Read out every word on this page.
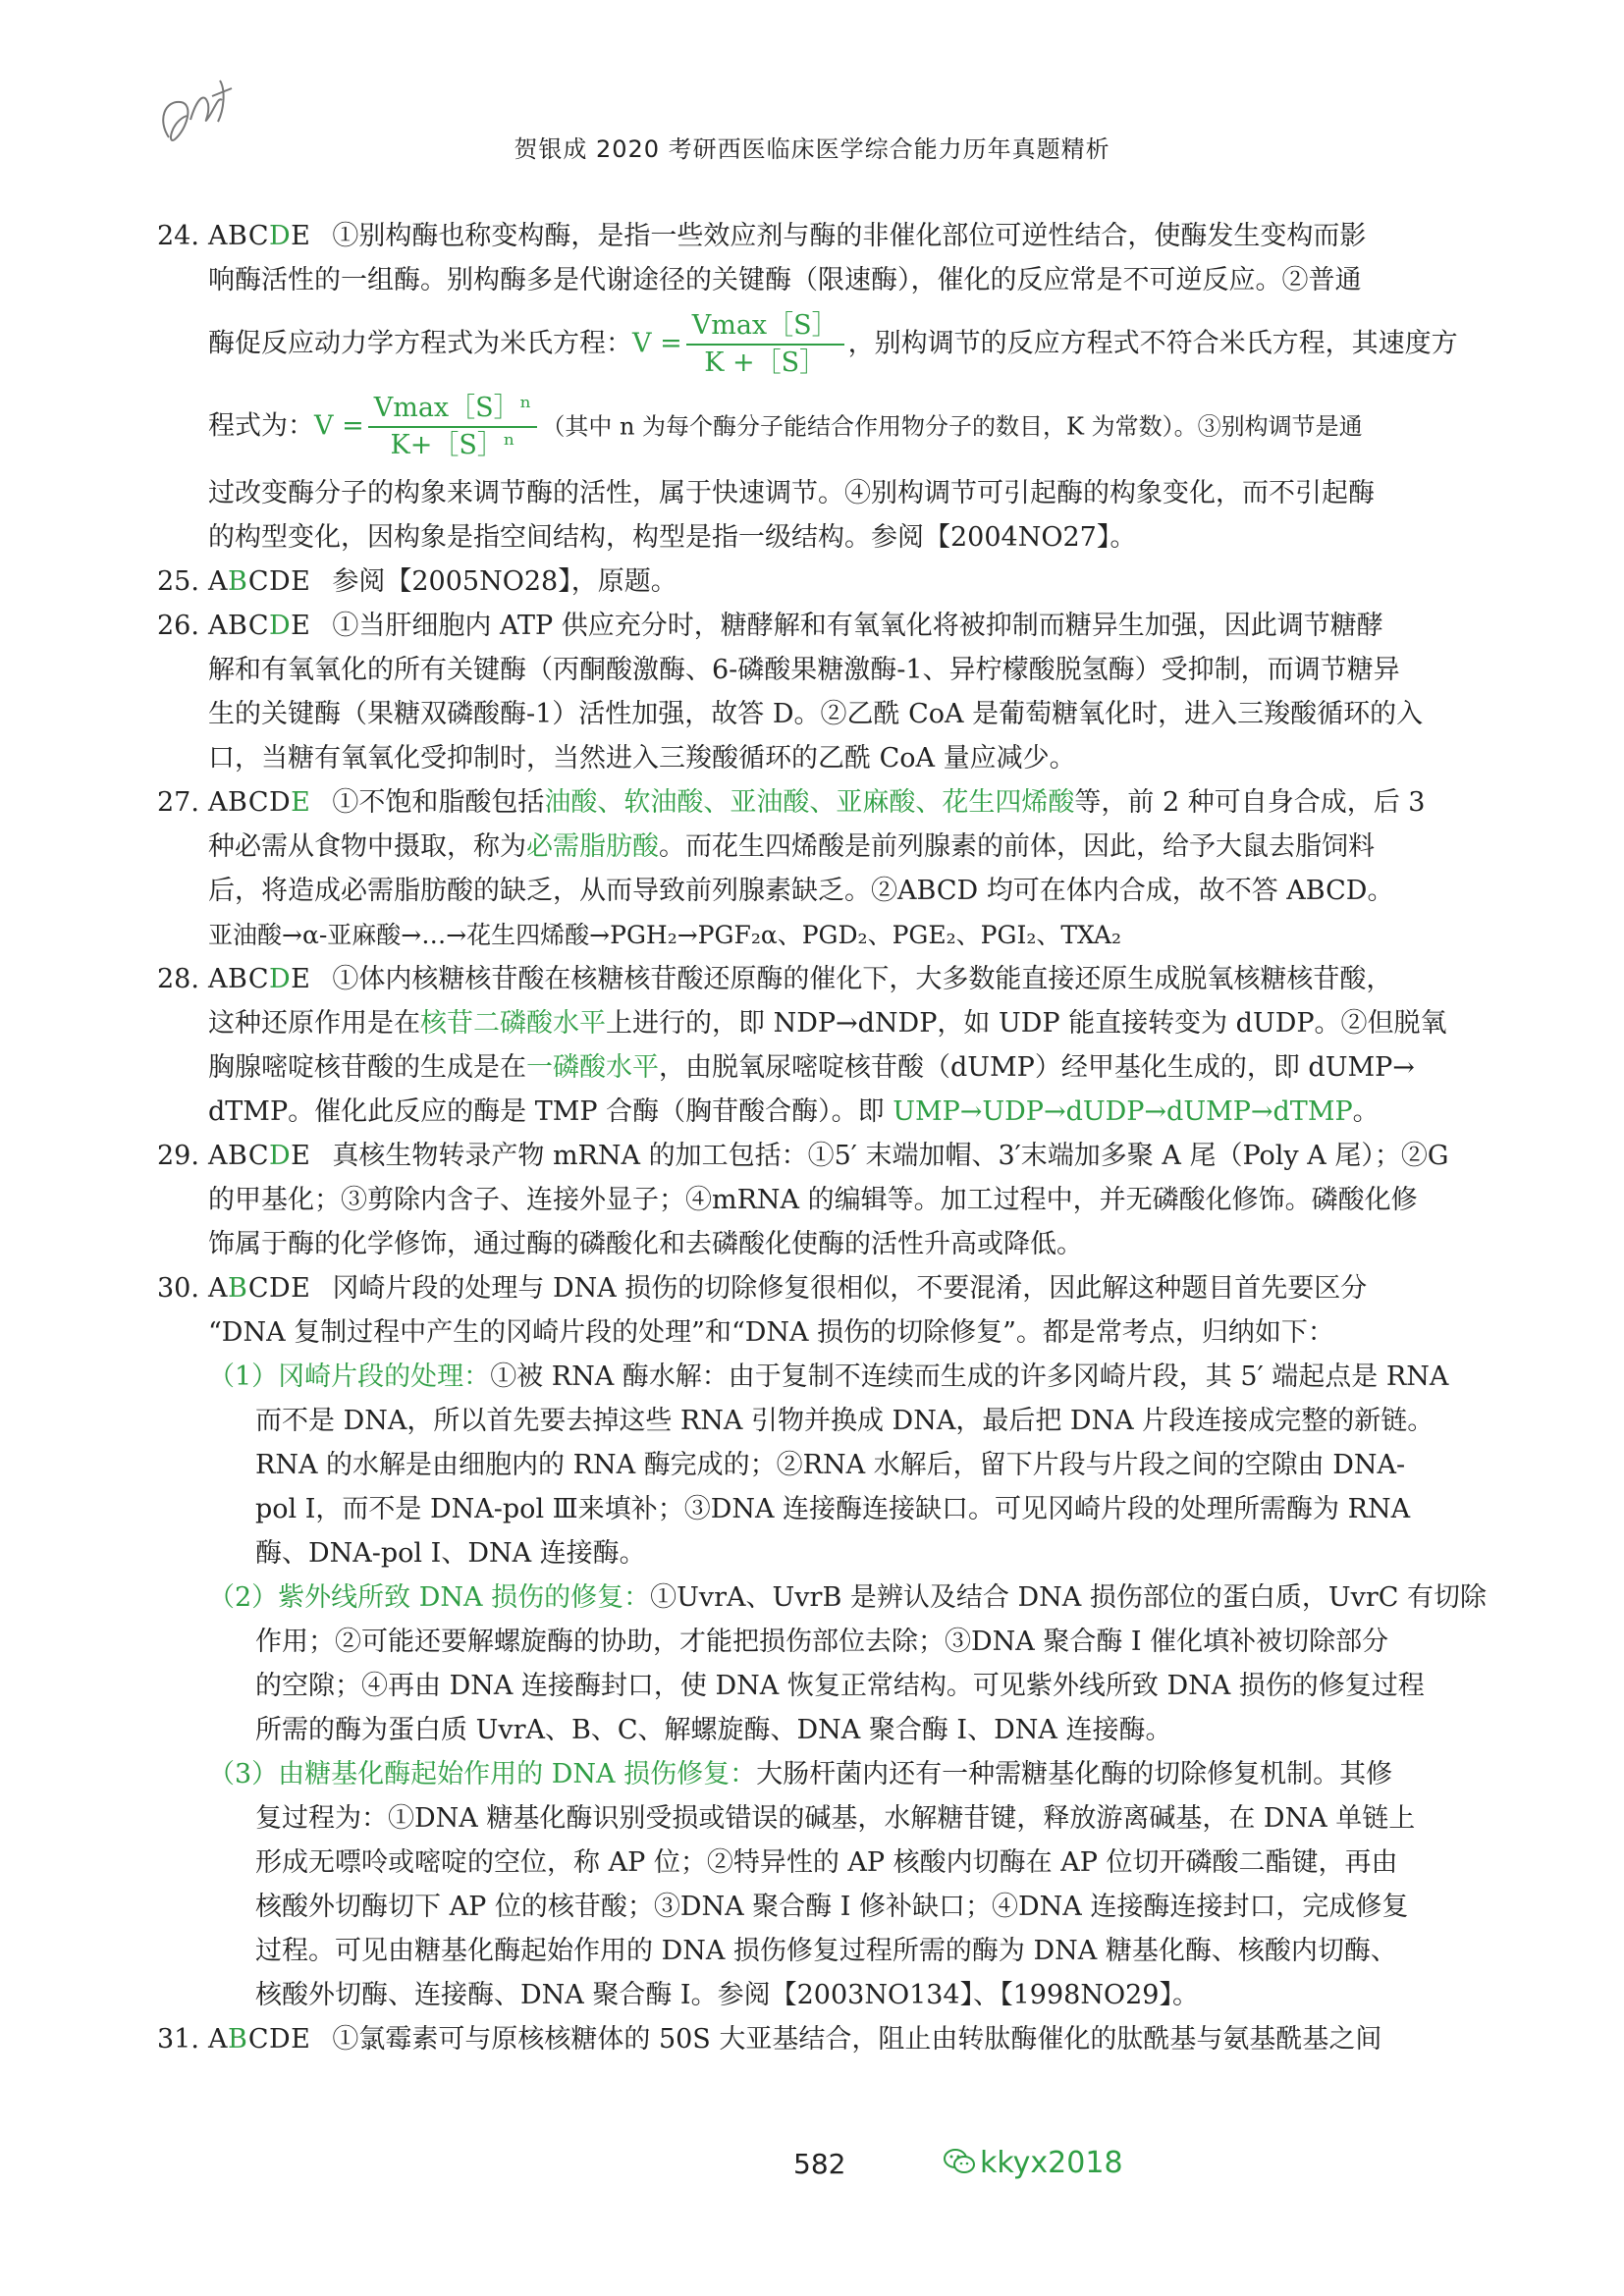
贺银成 2020 考研西医临床医学综合能力历年真题精析
24. ABCDE ①别构酶也称变构酶，是指一些效应剂与酶的非催化部位可逆性结合，使酶发生变构而影
响酶活性的一组酶。别构酶多是代谢途径的关键酶（限速酶），催化的反应常是不可逆反应。②普通
酶促反应动力学方程式为米氏方程：$V = \frac{Vmax[S]}{K +[S]}$ ，别构调节的反应方程式不符合米氏方程，其速度方
程式为：$V = \frac{\text{Vmax［S］ⁿ}}{\text{K+［S］ⁿ}}$ （其中 n 为每个酶分子能结合作用物分子的数目，K 为常数）。③别构调节是通
过改变酶分子的构象来调节酶的活性，属于快速调节。④别构调节可引起酶的构象变化，而不引起酶
的构型变化，因构象是指空间结构，构型是指一级结构。参阅【2004NO27】。
25. ABCDE 参阅【2005NO28】，原题。
26. ABCDE ①当肝细胞内 ATP 供应充分时，糖酵解和有氧氧化将被抑制而糖异生加强，因此调节糖酵
解和有氧氧化的所有关键酶（丙酮酸激酶、6-磷酸果糖激酶-1、异柠檬酸脱氢酶）受抑制，而调节糖异
生的关键酶（果糖双磷酸酶-1）活性加强，故答 D。②乙酰 CoA 是葡萄糖氧化时，进入三羧酸循环的入
口，当糖有氧氧化受抑制时，当然进入三羧酸循环的乙酰 CoA 量应减少。
27. ABCDE ①不饱和脂酸包括油酸、软油酸、亚油酸、亚麻酸、花生四烯酸等，前 2 种可自身合成，后 3
种必需从食物中摄取，称为必需脂肪酸。而花生四烯酸是前列腺素的前体，因此，给予大鼠去脂饲料
后，将造成必需脂肪酸的缺乏，从而导致前列腺素缺乏。②ABCD 均可在体内合成，故不答 ABCD。
亚油酸→α-亚麻酸→…→花生四烯酸→PGH₂→PGF₂α、PGD₂、PGE₂、PGI₂、TXA₂
28. ABCDE ①体内核糖核苷酸在核糖核苷酸还原酶的催化下，大多数能直接还原生成脱氧核糖核苷酸，
这种还原作用是在核苷二磷酸水平上进行的，即 NDP→dNDP，如 UDP 能直接转变为 dUDP。②但脱氧
胸腺嘧啶核苷酸的生成是在一磷酸水平，由脱氧尿嘧啶核苷酸（dUMP）经甲基化生成的，即 dUMP→
dTMP。催化此反应的酶是 TMP 合酶（胸苷酸合酶）。即 UMP→UDP→dUDP→dUMP→dTMP。
29. ABCDE 真核生物转录产物 mRNA 的加工包括：①5′ 末端加帽、3′末端加多聚 A 尾（Poly A 尾）；②G
的甲基化；③剪除内含子、连接外显子；④mRNA 的编辑等。加工过程中，并无磷酸化修饰。磷酸化修
饰属于酶的化学修饰，通过酶的磷酸化和去磷酸化使酶的活性升高或降低。
30. ABCDE 冈崎片段的处理与 DNA 损伤的切除修复很相似，不要混淆，因此解这种题目首先要区分
“DNA 复制过程中产生的冈崎片段的处理”和“DNA 损伤的切除修复”。都是常考点，归纳如下：
（1）冈崎片段的处理：①被 RNA 酶水解：由于复制不连续而生成的许多冈崎片段，其 5′ 端起点是 RNA
而不是 DNA，所以首先要去掉这些 RNA 引物并换成 DNA，最后把 DNA 片段连接成完整的新链。
RNA 的水解是由细胞内的 RNA 酶完成的；②RNA 水解后，留下片段与片段之间的空隙由 DNA-
pol Ⅰ，而不是 DNA-pol Ⅲ来填补；③DNA 连接酶连接缺口。可见冈崎片段的处理所需酶为 RNA
酶、DNA-pol Ⅰ、DNA 连接酶。
（2）紫外线所致 DNA 损伤的修复：①UvrA、UvrB 是辨认及结合 DNA 损伤部位的蛋白质，UvrC 有切除
作用；②可能还要解螺旋酶的协助，才能把损伤部位去除；③DNA 聚合酶 Ⅰ 催化填补被切除部分
的空隙；④再由 DNA 连接酶封口，使 DNA 恢复正常结构。可见紫外线所致 DNA 损伤的修复过程
所需的酶为蛋白质 UvrA、B、C、解螺旋酶、DNA 聚合酶 Ⅰ、DNA 连接酶。
（3）由糖基化酶起始作用的 DNA 损伤修复：大肠杆菌内还有一种需糖基化酶的切除修复机制。其修
复过程为：①DNA 糖基化酶识别受损或错误的碱基，水解糖苷键，释放游离碱基，在 DNA 单链上
形成无嘌呤或嘧啶的空位，称 AP 位；②特异性的 AP 核酸内切酶在 AP 位切开磷酸二酯键，再由
核酸外切酶切下 AP 位的核苷酸；③DNA 聚合酶 Ⅰ 修补缺口；④DNA 连接酶连接封口，完成修复
过程。可见由糖基化酶起始作用的 DNA 损伤修复过程所需的酶为 DNA 糖基化酶、核酸内切酶、
核酸外切酶、连接酶、DNA 聚合酶 Ⅰ。参阅【2003NO134】、【1998NO29】。
31. ABCDE ①氯霉素可与原核核糖体的 50S 大亚基结合，阻止由转肽酶催化的肽酰基与氨基酰基之间
582	kkyx2018
